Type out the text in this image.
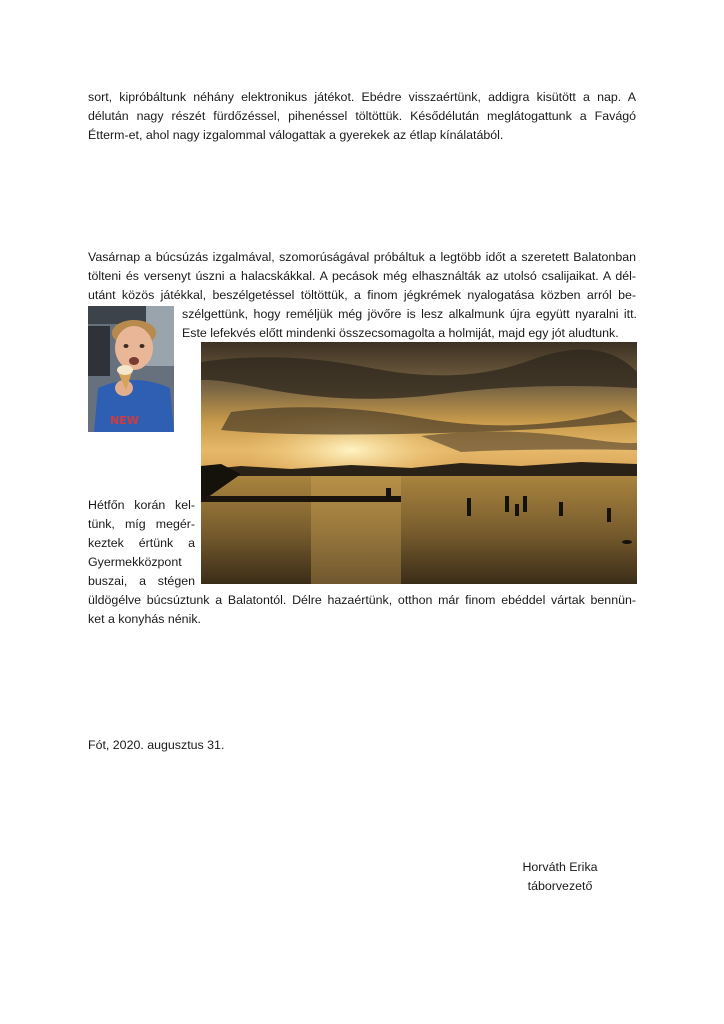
sort, kipróbáltunk néhány elektronikus játékot. Ebédre visszaértünk, addigra kisütött a nap. A
délután nagy részét fürdőzéssel, pihenéssel töltöttük. Késődélután meglátogattunk a Favágó
Étterm-et, ahol nagy izgalommal válogattak a gyerekek az étlap kínálatából.
Vasárnap a búcsúzás izgalmával, szomorúságával próbáltuk a legtöbb időt a szeretett Balatonban
tölteni és versenyt úszni a halacskákkal. A pecások még elhasználták az utolsó csalijaikat. A dél-
utánt közös játékkal, beszélgetéssel töltöttük, a finom jégkrémek nyalogatása közben arról be-

szélgettünk, hogy reméljük még jövőre is lesz alkalmunk újra együtt nyaralni itt.

Este lefekvés előtt mindenki összecsomagolta a holmiját, majd egy jót aludtunk.

NEW
Hétfőn korán kel-
tünk, míg megér-
keztek értünk a
Gyermekközpont
buszai, a stégen
üldögélve búcsúztunk a Balatontól. Délre hazaértünk, otthon már finom ebéddel vártak bennün-
ket a konyhás nénik.

Fót, 2020. augusztus 31.

Horváth Erika
táborvezető
